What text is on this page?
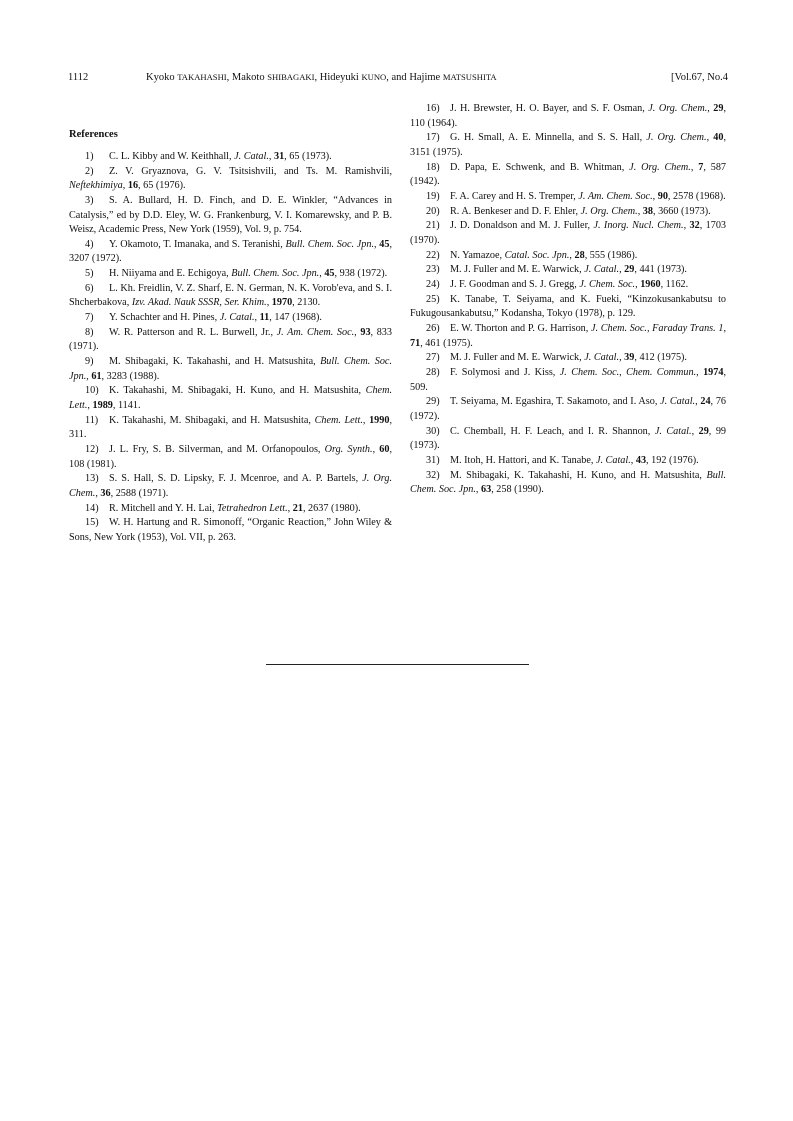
1112	Kyoko TAKAHASHI, Makoto SHIBAGAKI, Hideyuki KUNO, and Hajime MATSUSHITA	[Vol.67, No.4
References
1) C. L. Kibby and W. Keithhall, J. Catal., 31, 65 (1973).
2) Z. V. Gryaznova, G. V. Tsitsishvili, and Ts. M. Ramishvili, Neftekhimiya, 16, 65 (1976).
3) S. A. Bullard, H. D. Finch, and D. E. Winkler, “Advances in Catalysis,” ed by D.D. Eley, W. G. Frankenburg, V. I. Komarewsky, and P. B. Weisz, Academic Press, New York (1959), Vol. 9, p. 754.
4) Y. Okamoto, T. Imanaka, and S. Teranishi, Bull. Chem. Soc. Jpn., 45, 3207 (1972).
5) H. Niiyama and E. Echigoya, Bull. Chem. Soc. Jpn., 45, 938 (1972).
6) L. Kh. Freidlin, V. Z. Sharf, E. N. German, N. K. Vorob'eva, and S. I. Shcherbakova, Izv. Akad. Nauk SSSR, Ser. Khim., 1970, 2130.
7) Y. Schachter and H. Pines, J. Catal., 11, 147 (1968).
8) W. R. Patterson and R. L. Burwell, Jr., J. Am. Chem. Soc., 93, 833 (1971).
9) M. Shibagaki, K. Takahashi, and H. Matsushita, Bull. Chem. Soc. Jpn., 61, 3283 (1988).
10) K. Takahashi, M. Shibagaki, H. Kuno, and H. Matsushita, Chem. Lett., 1989, 1141.
11) K. Takahashi, M. Shibagaki, and H. Matsushita, Chem. Lett., 1990, 311.
12) J. L. Fry, S. B. Silverman, and M. Orfanopoulos, Org. Synth., 60, 108 (1981).
13) S. S. Hall, S. D. Lipsky, F. J. Mcenroe, and A. P. Bartels, J. Org. Chem., 36, 2588 (1971).
14) R. Mitchell and Y. H. Lai, Tetrahedron Lett., 21, 2637 (1980).
15) W. H. Hartung and R. Simonoff, “Organic Reaction,” John Wiley & Sons, New York (1953), Vol. VII, p. 263.
16) J. H. Brewster, H. O. Bayer, and S. F. Osman, J. Org. Chem., 29, 110 (1964).
17) G. H. Small, A. E. Minnella, and S. S. Hall, J. Org. Chem., 40, 3151 (1975).
18) D. Papa, E. Schwenk, and B. Whitman, J. Org. Chem., 7, 587 (1942).
19) F. A. Carey and H. S. Tremper, J. Am. Chem. Soc., 90, 2578 (1968).
20) R. A. Benkeser and D. F. Ehler, J. Org. Chem., 38, 3660 (1973).
21) J. D. Donaldson and M. J. Fuller, J. Inorg. Nucl. Chem., 32, 1703 (1970).
22) N. Yamazoe, Catal. Soc. Jpn., 28, 555 (1986).
23) M. J. Fuller and M. E. Warwick, J. Catal., 29, 441 (1973).
24) J. F. Goodman and S. J. Gregg, J. Chem. Soc., 1960, 1162.
25) K. Tanabe, T. Seiyama, and K. Fueki, “Kinzokusankabutsu to Fukugousankabutsu,” Kodansha, Tokyo (1978), p. 129.
26) E. W. Thorton and P. G. Harrison, J. Chem. Soc., Faraday Trans. 1, 71, 461 (1975).
27) M. J. Fuller and M. E. Warwick, J. Catal., 39, 412 (1975).
28) F. Solymosi and J. Kiss, J. Chem. Soc., Chem. Commun., 1974, 509.
29) T. Seiyama, M. Egashira, T. Sakamoto, and I. Aso, J. Catal., 24, 76 (1972).
30) C. Chemball, H. F. Leach, and I. R. Shannon, J. Catal., 29, 99 (1973).
31) M. Itoh, H. Hattori, and K. Tanabe, J. Catal., 43, 192 (1976).
32) M. Shibagaki, K. Takahashi, H. Kuno, and H. Matsushita, Bull. Chem. Soc. Jpn., 63, 258 (1990).
